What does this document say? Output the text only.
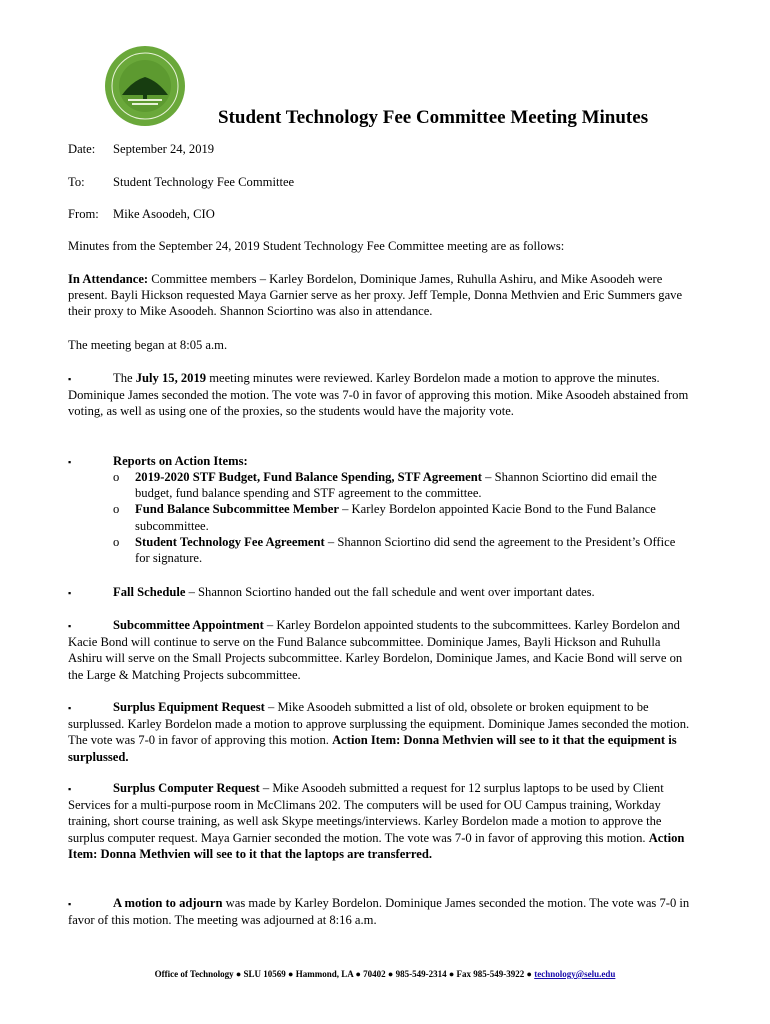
Student Technology Fee Committee Meeting Minutes
Date: September 24, 2019
To: Student Technology Fee Committee
From: Mike Asoodeh, CIO
Minutes from the September 24, 2019 Student Technology Fee Committee meeting are as follows:
In Attendance: Committee members – Karley Bordelon, Dominique James, Ruhulla Ashiru, and Mike Asoodeh were present. Bayli Hickson requested Maya Garnier serve as her proxy. Jeff Temple, Donna Methvien and Eric Summers gave their proxy to Mike Asoodeh. Shannon Sciortino was also in attendance.
The meeting began at 8:05 a.m.
▪	The July 15, 2019 meeting minutes were reviewed. Karley Bordelon made a motion to approve the minutes. Dominique James seconded the motion. The vote was 7-0 in favor of approving this motion. Mike Asoodeh abstained from voting, as well as using one of the proxies, so the students would have the majority vote.
▪	Reports on Action Items:
o 2019-2020 STF Budget, Fund Balance Spending, STF Agreement – Shannon Sciortino did email the budget, fund balance spending and STF agreement to the committee.
o Fund Balance Subcommittee Member – Karley Bordelon appointed Kacie Bond to the Fund Balance subcommittee.
o Student Technology Fee Agreement – Shannon Sciortino did send the agreement to the President’s Office for signature.
▪	Fall Schedule – Shannon Sciortino handed out the fall schedule and went over important dates.
▪	Subcommittee Appointment – Karley Bordelon appointed students to the subcommittees. Karley Bordelon and Kacie Bond will continue to serve on the Fund Balance subcommittee. Dominique James, Bayli Hickson and Ruhulla Ashiru will serve on the Small Projects subcommittee. Karley Bordelon, Dominique James, and Kacie Bond will serve on the Large & Matching Projects subcommittee.
▪	Surplus Equipment Request – Mike Asoodeh submitted a list of old, obsolete or broken equipment to be surplussed. Karley Bordelon made a motion to approve surplussing the equipment. Dominique James seconded the motion. The vote was 7-0 in favor of approving this motion. Action Item: Donna Methvien will see to it that the equipment is surplussed.
▪	Surplus Computer Request – Mike Asoodeh submitted a request for 12 surplus laptops to be used by Client Services for a multi-purpose room in McClimans 202. The computers will be used for OU Campus training, Workday training, short course training, as well ask Skype meetings/interviews. Karley Bordelon made a motion to approve the surplus computer request. Maya Garnier seconded the motion. The vote was 7-0 in favor of approving this motion. Action Item: Donna Methvien will see to it that the laptops are transferred.
▪	A motion to adjourn was made by Karley Bordelon. Dominique James seconded the motion. The vote was 7-0 in favor of this motion. The meeting was adjourned at 8:16 a.m.
Office of Technology ● SLU 10569 ● Hammond, LA ● 70402 ● 985-549-2314 ● Fax 985-549-3922 ● technology@selu.edu
